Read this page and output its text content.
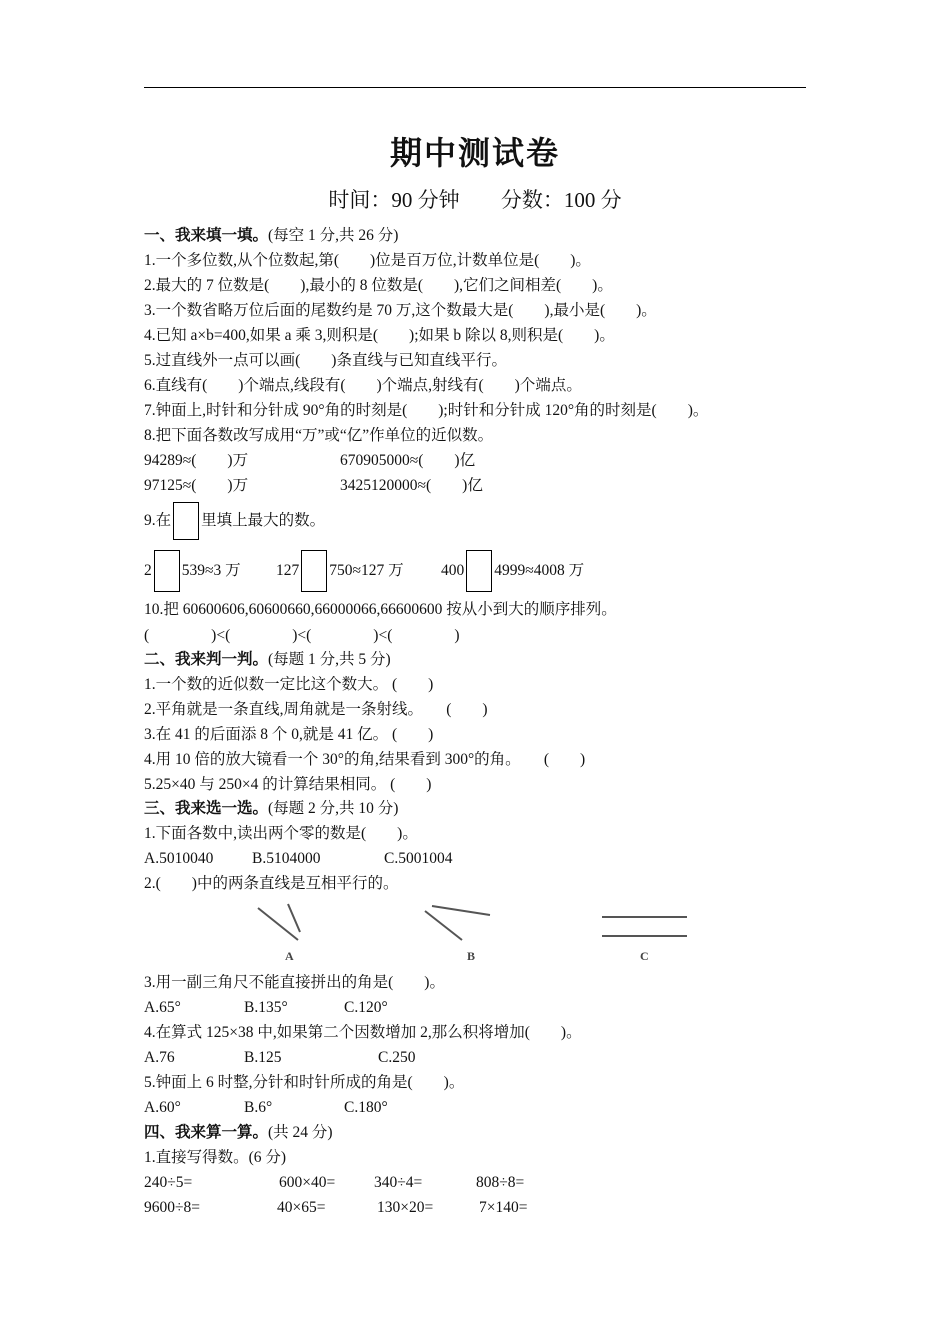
期中测试卷
时间：90 分钟 分数：100 分
一、我来填一填。(每空 1 分,共 26 分)
1.一个多位数,从个位数起,第(　　)位是百万位,计数单位是(　　)。
2.最大的 7 位数是(　　),最小的 8 位数是(　　),它们之间相差(　　)。
3.一个数省略万位后面的尾数约是 70 万,这个数最大是(　　),最小是(　　)。
4.已知 a×b=400,如果 a 乘 3,则积是(　　);如果 b 除以 8,则积是(　　)。
5.过直线外一点可以画(　　)条直线与已知直线平行。
6.直线有(　　)个端点,线段有(　　)个端点,射线有(　　)个端点。
7.钟面上,时针和分针成 90°角的时刻是(　　);时针和分针成 120°角的时刻是(　　)。
8.把下面各数改写成用“万”或“亿”作单位的近似数。
94289≈(　　)万	670905000≈(　　)亿
97125≈(　　)万	3425120000≈(　　)亿
9.在 里填上最大的数。
2 539≈3 万 127 750≈127 万 400 4999≈4008 万
10.把 60600606,60600660,66000066,66600600 按从小到大的顺序排列。
(　　　　)<(　　　　)<(　　　　)<(　　　　)
二、我来判一判。(每题 1 分,共 5 分)
1.一个数的近似数一定比这个数大。 (　　)
2.平角就是一条直线,周角就是一条射线。　　(　　)
3.在 41 的后面添 8 个 0,就是 41 亿。 (　　)
4.用 10 倍的放大镜看一个 30°的角,结果看到 300°的角。　　(　　)
5.25×40 与 250×4 的计算结果相同。 (　　)
三、我来选一选。(每题 2 分,共 10 分)
1.下面各数中,读出两个零的数是(　　)。
A.5010040 B.5104000	C.5001004
2.(　　)中的两条直线是互相平行的。
A	B	C
3.用一副三角尺不能直接拼出的角是(　　)。
A.65°	B.135°	C.120°
4.在算式 125×38 中,如果第二个因数增加 2,那么积将增加(　　)。
A.76	B.125	C.250
5.钟面上 6 时整,分针和时针所成的角是(　　)。
A.60°	B.6°	C.180°
四、我来算一算。(共 24 分)
1.直接写得数。(6 分)
240÷5=	600×40=	340÷4=	808÷8=
9600÷8=	40×65=	130×20=	7×140=
